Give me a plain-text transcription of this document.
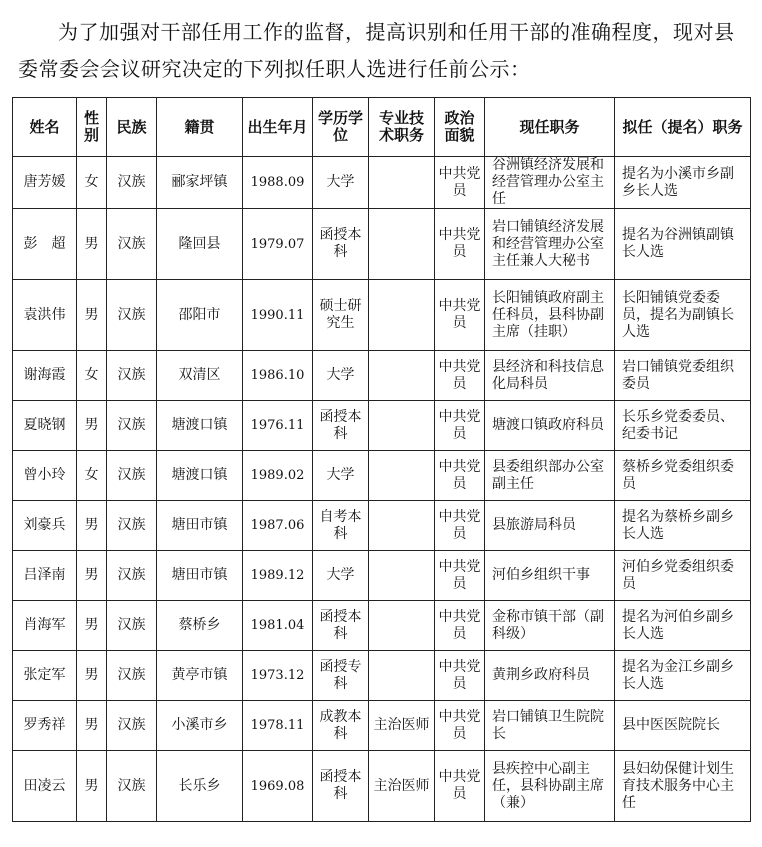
为了加强对干部任用工作的监督，提高识别和任用干部的准确程度，现对县委常委会会议研究决定的下列拟任职人选进行任前公示：

姓名	性别	民族	籍贯	出生年月	学历学位	专业技术职务	政治面貌	现任职务	拟任（提名）职务
唐芳媛	女	汉族	郦家坪镇	1988.09	大学		中共党员	谷洲镇经济发展和经营管理办公室主任	提名为小溪市乡副乡长人选
彭　超	男	汉族	隆回县	1979.07	函授本科		中共党员	岩口铺镇经济发展和经营管理办公室主任兼人大秘书	提名为谷洲镇副镇长人选
袁洪伟	男	汉族	邵阳市	1990.11	硕士研究生		中共党员	长阳铺镇政府副主任科员，县科协副主席（挂职）	长阳铺镇党委委员，提名为副镇长人选
谢海霞	女	汉族	双清区	1986.10	大学		中共党员	县经济和科技信息化局科员	岩口铺镇党委组织委员
夏晓钢	男	汉族	塘渡口镇	1976.11	函授本科		中共党员	塘渡口镇政府科员	长乐乡党委委员、纪委书记
曾小玲	女	汉族	塘渡口镇	1989.02	大学		中共党员	县委组织部办公室副主任	蔡桥乡党委组织委员
刘豪兵	男	汉族	塘田市镇	1987.06	自考本科		中共党员	县旅游局科员	提名为蔡桥乡副乡长人选
吕泽南	男	汉族	塘田市镇	1989.12	大学		中共党员	河伯乡组织干事	河伯乡党委组织委员
肖海军	男	汉族	蔡桥乡	1981.04	函授本科		中共党员	金称市镇干部（副科级）	提名为河伯乡副乡长人选
张定军	男	汉族	黄亭市镇	1973.12	函授专科		中共党员	黄荆乡政府科员	提名为金江乡副乡长人选
罗秀祥	男	汉族	小溪市乡	1978.11	成教本科	主治医师	中共党员	岩口铺镇卫生院院长	县中医医院院长
田凌云	男	汉族	长乐乡	1969.08	函授本科	主治医师	中共党员	县疾控中心副主任，县科协副主席（兼）	县妇幼保健计划生育技术服务中心主任
